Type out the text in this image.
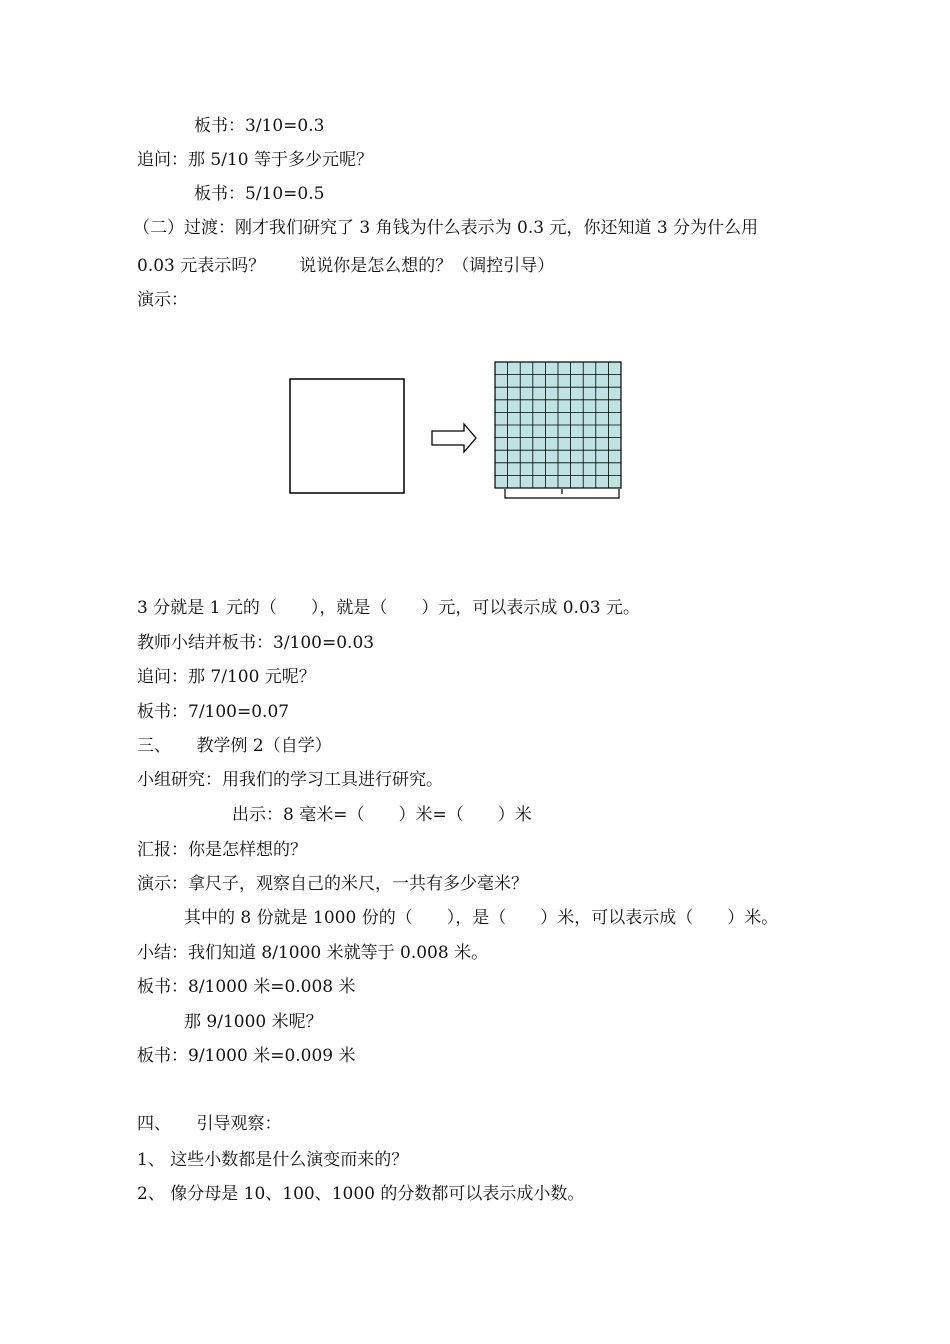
板书：3/10=0.3
追问：那 5/10 等于多少元呢？
板书：5/10=0.5
（二）过渡：刚才我们研究了 3 角钱为什么表示为 0.3 元，你还知道 3 分为什么用
0.03 元表示吗？　　说说你是怎么想的？（调控引导）
演示：
3 分就是 1 元的（　　），就是（　　）元，可以表示成 0.03 元。
教师小结并板书：3/100=0.03
追问：那 7/100 元呢？
板书：7/100=0.07
三、　　教学例 2（自学）
小组研究：用我们的学习工具进行研究。
出示：8 毫米=（　　）米=（　　）米
汇报：你是怎样想的？
演示：拿尺子，观察自己的米尺，一共有多少毫米？
其中的 8 份就是 1000 份的（　　），是（　　）米，可以表示成（　　）米。
小结：我们知道 8/1000 米就等于 0.008 米。
板书：8/1000 米=0.008 米
那 9/1000 米呢？
板书：9/1000 米=0.009 米
四、　　引导观察：
1、 这些小数都是什么演变而来的？
2、 像分母是 10、100、1000 的分数都可以表示成小数。
